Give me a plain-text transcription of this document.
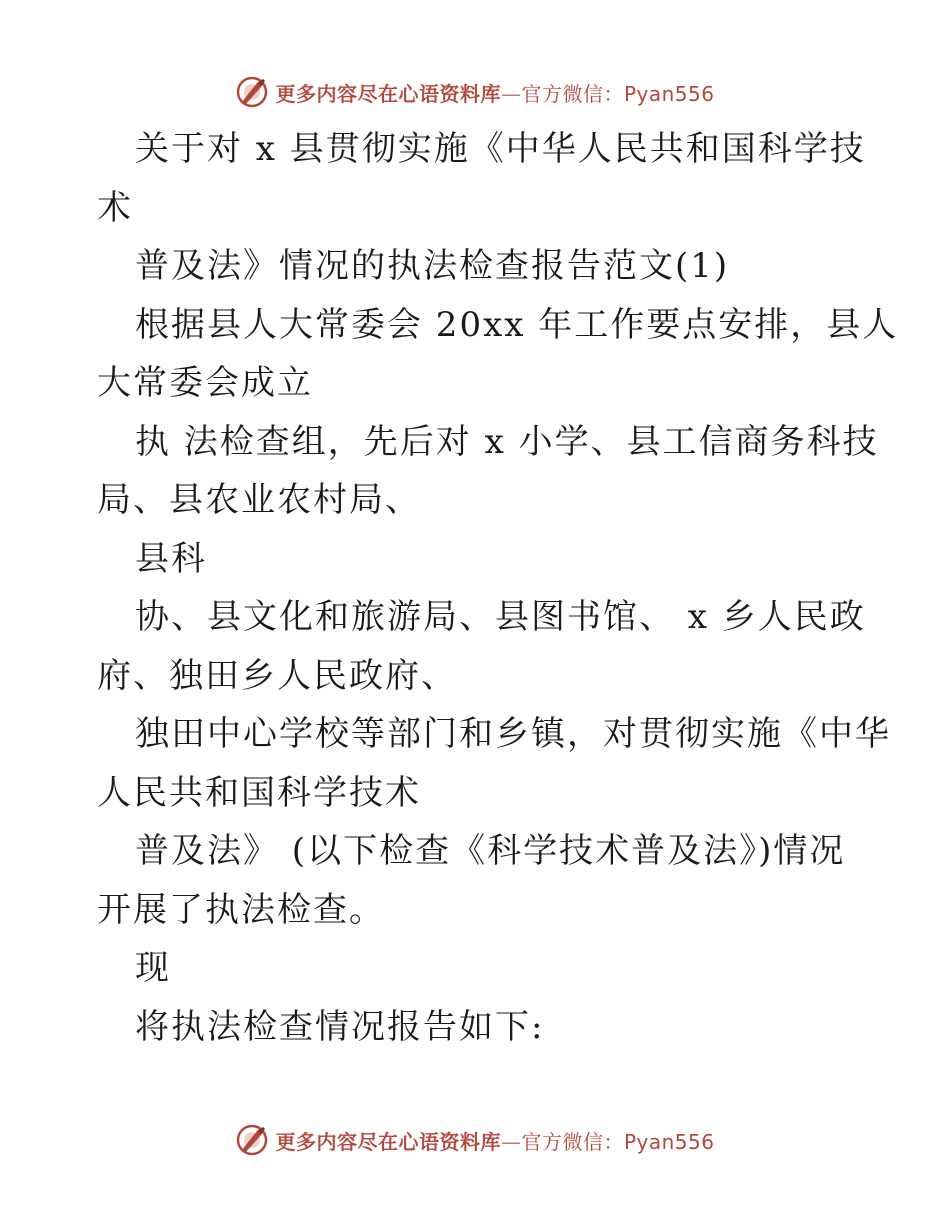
更多内容尽在心语资料库—官方微信：Pyan556
关于对 x 县贯彻实施《中华人民共和国科学技
术
普及法》情况的执法检查报告范文(1)
根据县人大常委会 20xx 年工作要点安排，县人
大常委会成立
执 法检查组，先后对 x 小学、县工信商务科技
局、县农业农村局、
县科
协、县文化和旅游局、县图书馆、 x 乡人民政
府、独田乡人民政府、
独田中心学校等部门和乡镇，对贯彻实施《中华
人民共和国科学技术
普及法》 (以下检查《科学技术普及法》)情况
开展了执法检查。
现
将执法检查情况报告如下:
更多内容尽在心语资料库—官方微信：Pyan556
